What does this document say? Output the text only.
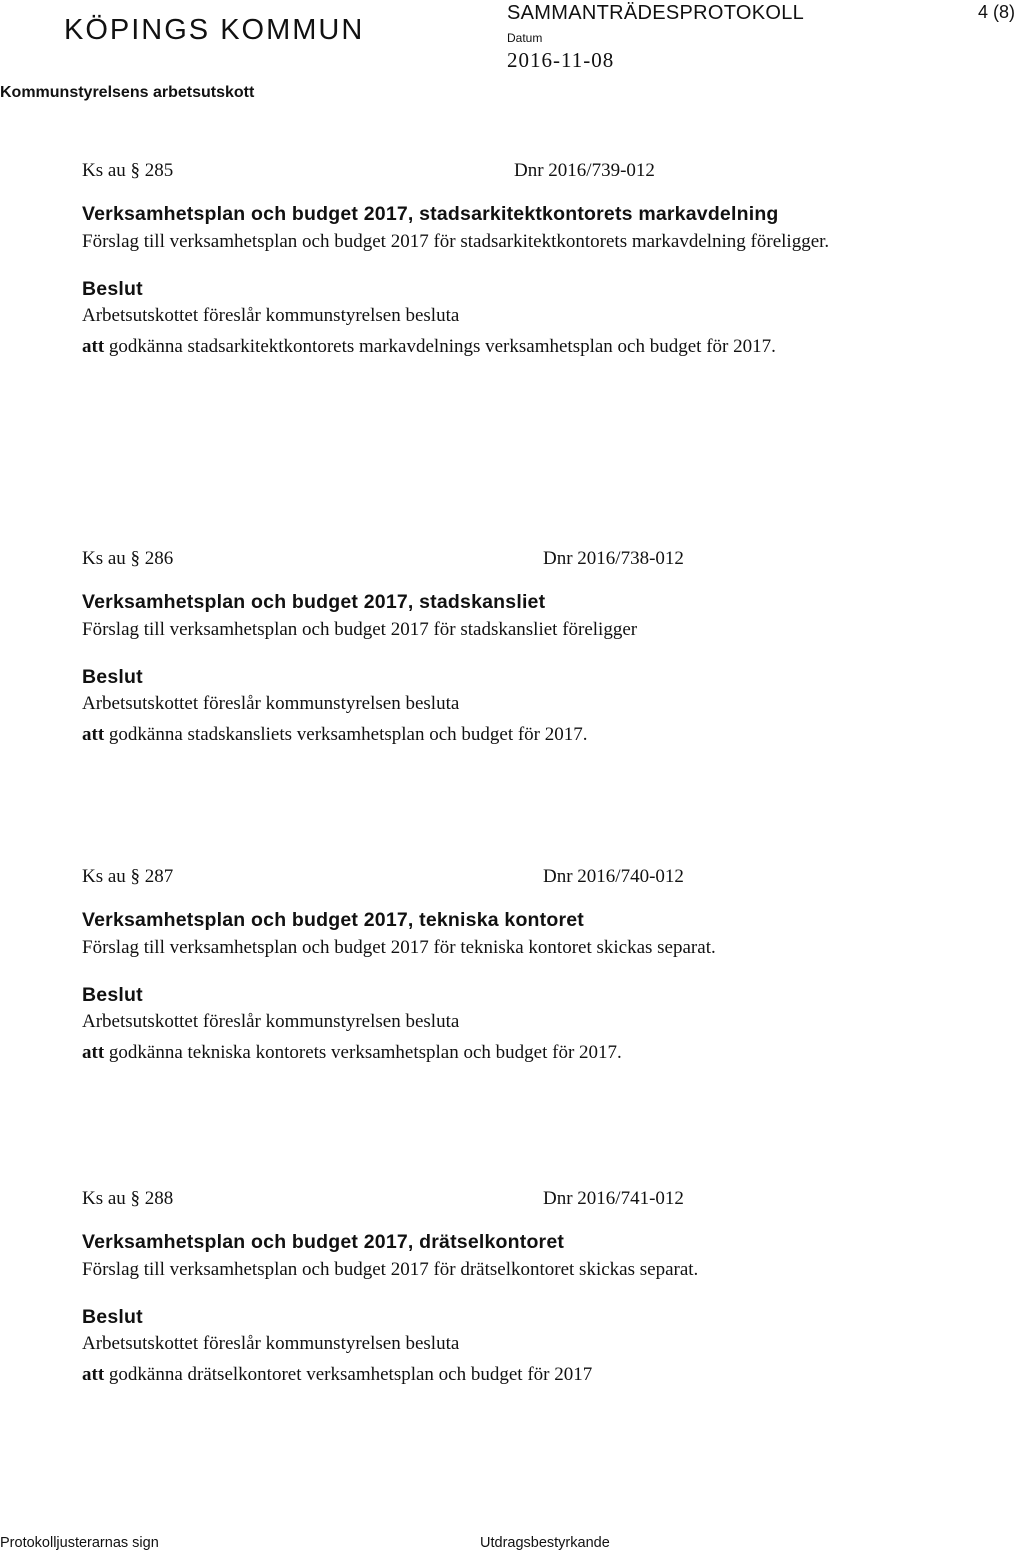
KÖPINGS KOMMUN
Kommunstyrelsens arbetsutskott
SAMMANTRÄDESPROTOKOLL
Datum
2016-11-08
4 (8)
Ks au § 285	Dnr 2016/739-012
Verksamhetsplan och budget 2017, stadsarkitektkontorets markavdelning
Förslag till verksamhetsplan och budget 2017 för stadsarkitektkontorets markavdelning föreligger.
Beslut
Arbetsutskottet föreslår kommunstyrelsen besluta
att godkänna stadsarkitektkontorets markavdelnings verksamhetsplan och budget för 2017.
Ks au § 286	Dnr 2016/738-012
Verksamhetsplan och budget 2017, stadskansliet
Förslag till verksamhetsplan och budget 2017 för stadskansliet föreligger
Beslut
Arbetsutskottet föreslår kommunstyrelsen besluta
att godkänna stadskansliets verksamhetsplan och budget för 2017.
Ks au § 287	Dnr 2016/740-012
Verksamhetsplan och budget 2017, tekniska kontoret
Förslag till verksamhetsplan och budget 2017 för tekniska kontoret skickas separat.
Beslut
Arbetsutskottet föreslår kommunstyrelsen besluta
att godkänna tekniska kontorets verksamhetsplan och budget för 2017.
Ks au § 288	Dnr 2016/741-012
Verksamhetsplan och budget 2017, drätselkontoret
Förslag till verksamhetsplan och budget 2017 för drätselkontoret skickas separat.
Beslut
Arbetsutskottet föreslår kommunstyrelsen besluta
att godkänna drätselkontoret verksamhetsplan och budget för 2017
Protokolljusterarnas sign	Utdragsbestyrkande
